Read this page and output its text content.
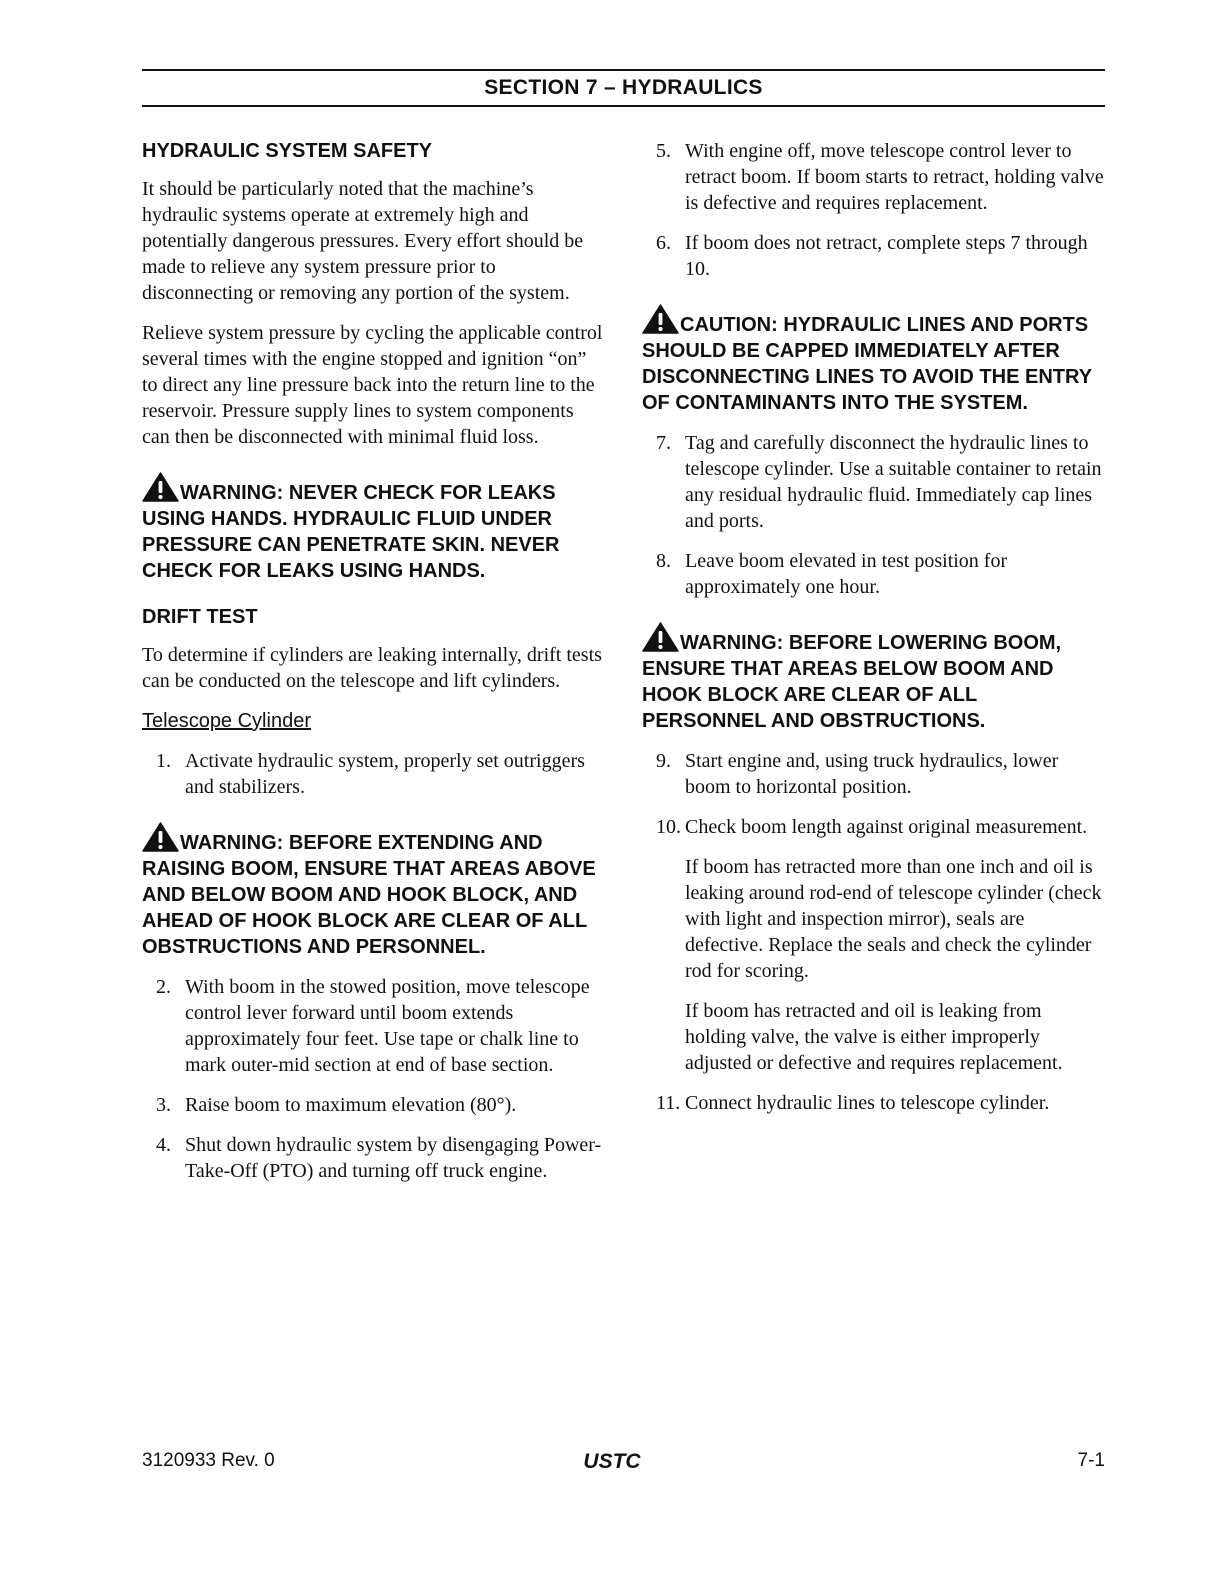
SECTION 7 – HYDRAULICS
HYDRAULIC SYSTEM SAFETY

It should be particularly noted that the machine’s hydraulic systems operate at extremely high and potentially dangerous pressures. Every effort should be made to relieve any system pressure prior to disconnecting or removing any portion of the system.

Relieve system pressure by cycling the applicable control several times with the engine stopped and ignition “on” to direct any line pressure back into the return line to the reservoir. Pressure supply lines to system components can then be disconnected with minimal fluid loss.

WARNING: NEVER CHECK FOR LEAKS USING HANDS. HYDRAULIC FLUID UNDER PRESSURE CAN PENETRATE SKIN. NEVER CHECK FOR LEAKS USING HANDS.
DRIFT TEST

To determine if cylinders are leaking internally, drift tests can be conducted on the telescope and lift cylinders.

Telescope Cylinder
1. Activate hydraulic system, properly set outriggers and stabilizers.
WARNING: BEFORE EXTENDING AND RAISING BOOM, ENSURE THAT AREAS ABOVE AND BELOW BOOM AND HOOK BLOCK, AND AHEAD OF HOOK BLOCK ARE CLEAR OF ALL OBSTRUCTIONS AND PERSONNEL.
2. With boom in the stowed position, move telescope control lever forward until boom extends approximately four feet. Use tape or chalk line to mark outer-mid section at end of base section.
3. Raise boom to maximum elevation (80°).
4. Shut down hydraulic system by disengaging Power-Take-Off (PTO) and turning off truck engine.
5. With engine off, move telescope control lever to retract boom. If boom starts to retract, holding valve is defective and requires replacement.
6. If boom does not retract, complete steps 7 through 10.
CAUTION: HYDRAULIC LINES AND PORTS SHOULD BE CAPPED IMMEDIATELY AFTER DISCONNECTING LINES TO AVOID THE ENTRY OF CONTAMINANTS INTO THE SYSTEM.
7. Tag and carefully disconnect the hydraulic lines to telescope cylinder. Use a suitable container to retain any residual hydraulic fluid. Immediately cap lines and ports.
8. Leave boom elevated in test position for approximately one hour.
WARNING: BEFORE LOWERING BOOM, ENSURE THAT AREAS BELOW BOOM AND HOOK BLOCK ARE CLEAR OF ALL PERSONNEL AND OBSTRUCTIONS.
9. Start engine and, using truck hydraulics, lower boom to horizontal position.
10. Check boom length against original measurement.

If boom has retracted more than one inch and oil is leaking around rod-end of telescope cylinder (check with light and inspection mirror), seals are defective. Replace the seals and check the cylinder rod for scoring.

If boom has retracted and oil is leaking from holding valve, the valve is either improperly adjusted or defective and requires replacement.

11. Connect hydraulic lines to telescope cylinder.
3120933 Rev. 0	USTC	7-1
